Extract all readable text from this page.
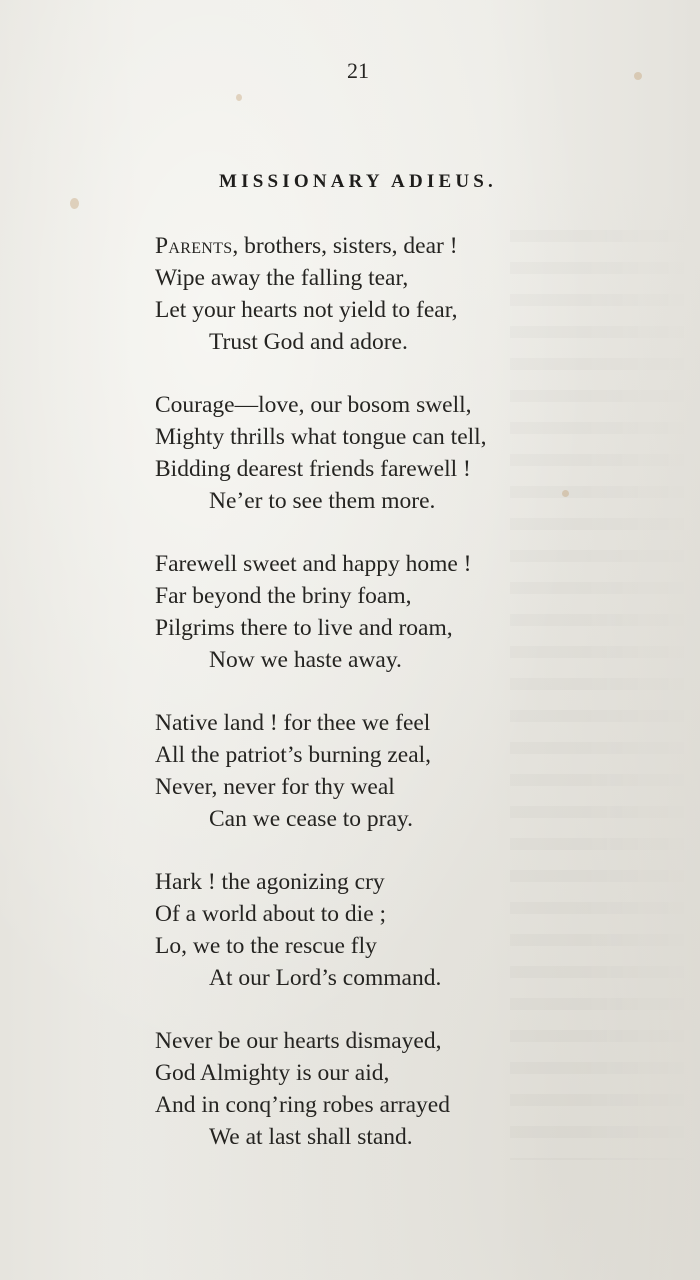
21
MISSIONARY ADIEUS.
Parents, brothers, sisters, dear !
Wipe away the falling tear,
Let your hearts not yield to fear,
Trust God and adore.
Courage—love, our bosom swell,
Mighty thrills what tongue can tell,
Bidding dearest friends farewell !
Ne’er to see them more.
Farewell sweet and happy home !
Far beyond the briny foam,
Pilgrims there to live and roam,
Now we haste away.
Native land ! for thee we feel
All the patriot’s burning zeal,
Never, never for thy weal
Can we cease to pray.
Hark ! the agonizing cry
Of a world about to die ;
Lo, we to the rescue fly
At our Lord’s command.
Never be our hearts dismayed,
God Almighty is our aid,
And in conq’ring robes arrayed
We at last shall stand.
